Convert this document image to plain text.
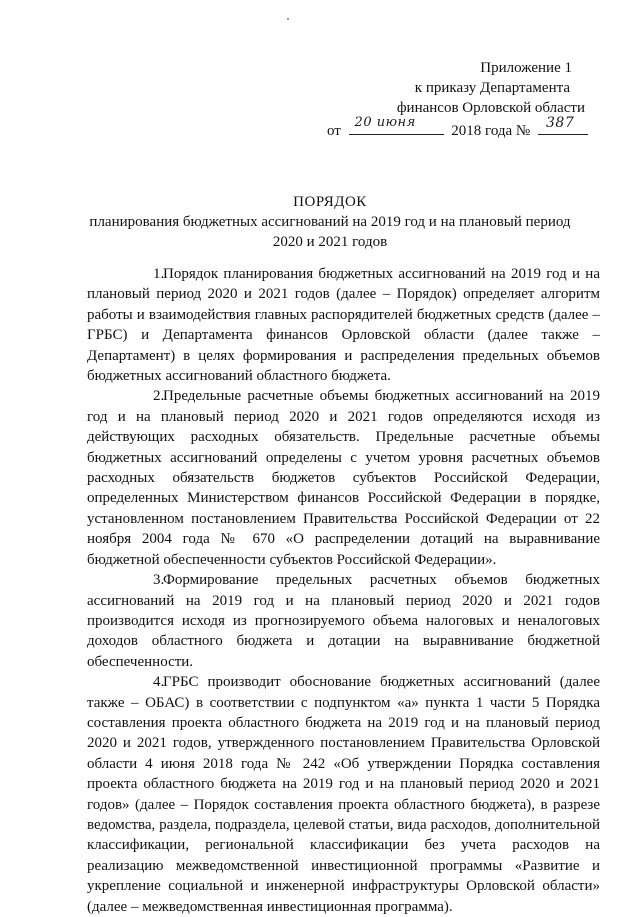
Приложение 1
к приказу Департамента
финансов Орловской области
от
20 июня
2018 года № 387
ПОРЯДОК
планирования бюджетных ассигнований на 2019 год и на плановый период
2020 и 2021 годов

1.Порядок планирования бюджетных ассигнований на 2019 год и на плановый период 2020 и 2021 годов (далее – Порядок) определяет алгоритм работы и взаимодействия главных распорядителей бюджетных средств (далее – ГРБС) и Департамента финансов Орловской области (далее также – Департамент) в целях формирования и распределения предельных объемов бюджетных ассигнований областного бюджета.

2.Предельные расчетные объемы бюджетных ассигнований на 2019 год и на плановый период 2020 и 2021 годов определяются исходя из действующих расходных обязательств. Предельные расчетные объемы бюджетных ассигнований определены с учетом уровня расчетных объемов расходных обязательств бюджетов субъектов Российской Федерации, определенных Министерством финансов Российской Федерации в порядке, установленном постановлением Правительства Российской Федерации от 22 ноября 2004 года № 670 «О распределении дотаций на выравнивание бюджетной обеспеченности субъектов Российской Федерации».

3.Формирование предельных расчетных объемов бюджетных ассигнований на 2019 год и на плановый период 2020 и 2021 годов производится исходя из прогнозируемого объема налоговых и неналоговых доходов областного бюджета и дотации на выравнивание бюджетной обеспеченности.

4.ГРБС производит обоснование бюджетных ассигнований (далее также – ОБАС) в соответствии с подпунктом «а» пункта 1 части 5 Порядка составления проекта областного бюджета на 2019 год и на плановый период 2020 и 2021 годов, утвержденного постановлением Правительства Орловской области 4 июня 2018 года № 242 «Об утверждении Порядка составления проекта областного бюджета на 2019 год и на плановый период 2020 и 2021 годов» (далее – Порядок составления проекта областного бюджета), в разрезе ведомства, раздела, подраздела, целевой статьи, вида расходов, дополнительной классификации, региональной классификации без учета расходов на реализацию межведомственной инвестиционной программы «Развитие и укрепление социальной и инженерной инфраструктуры Орловской области» (далее – межведомственная инвестиционная программа).
